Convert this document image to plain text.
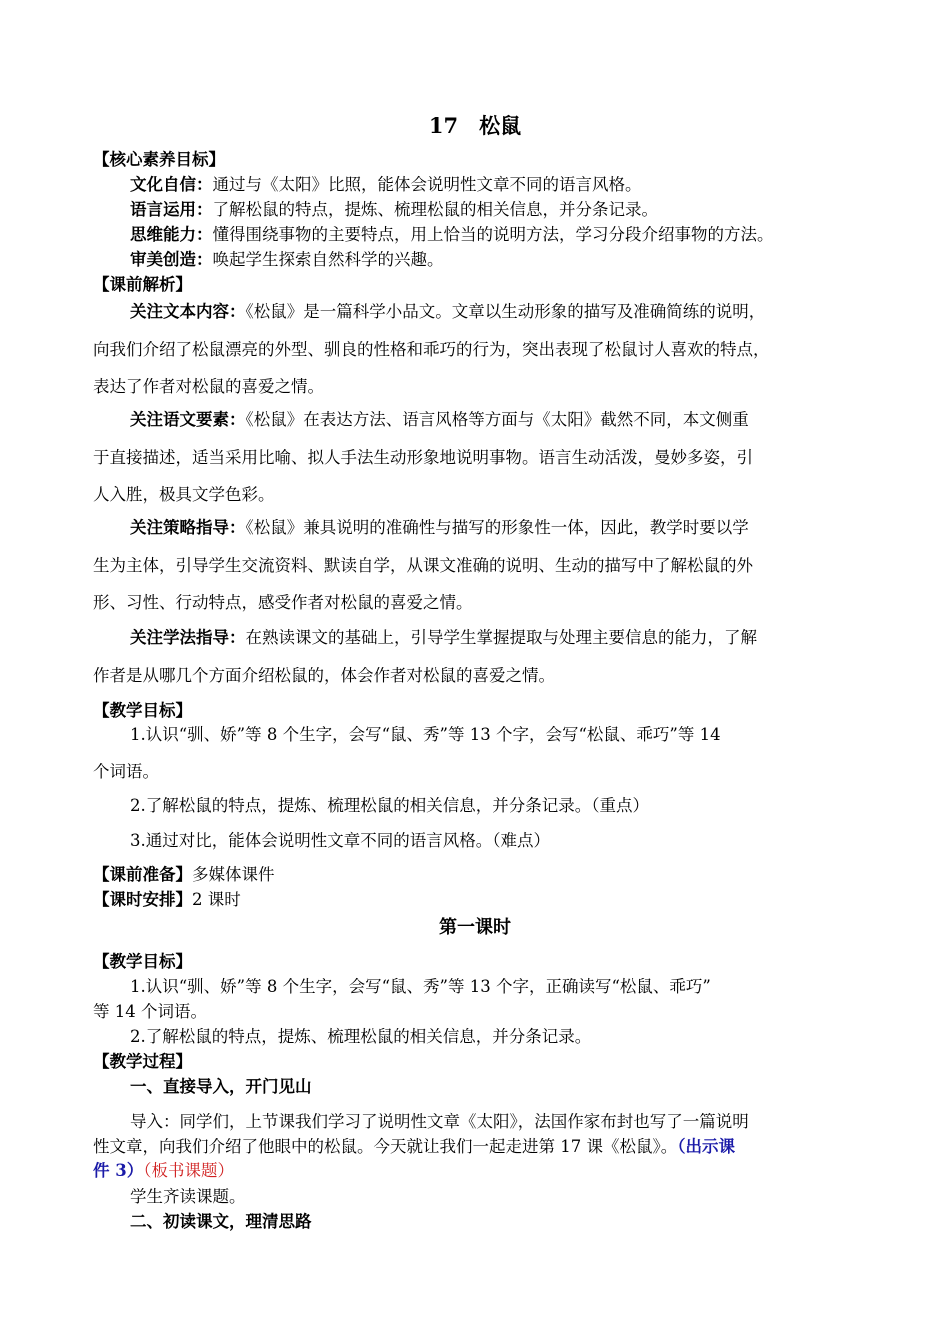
17　松鼠
【核心素养目标】
文化自信：通过与《太阳》比照，能体会说明性文章不同的语言风格。
语言运用：了解松鼠的特点，提炼、梳理松鼠的相关信息，并分条记录。
思维能力：懂得围绕事物的主要特点，用上恰当的说明方法，学习分段介绍事物的方法。
审美创造：唤起学生探索自然科学的兴趣。
【课前解析】
关注文本内容：《松鼠》是一篇科学小品文。文章以生动形象的描写及准确简练的说明，
向我们介绍了松鼠漂亮的外型、驯良的性格和乖巧的行为，突出表现了松鼠讨人喜欢的特点，
表达了作者对松鼠的喜爱之情。
关注语文要素：《松鼠》在表达方法、语言风格等方面与《太阳》截然不同，本文侧重
于直接描述，适当采用比喻、拟人手法生动形象地说明事物。语言生动活泼，曼妙多姿，引
人入胜，极具文学色彩。
关注策略指导：《松鼠》兼具说明的准确性与描写的形象性一体，因此，教学时要以学
生为主体，引导学生交流资料、默读自学，从课文准确的说明、生动的描写中了解松鼠的外
形、习性、行动特点，感受作者对松鼠的喜爱之情。
关注学法指导：在熟读课文的基础上，引导学生掌握提取与处理主要信息的能力，了解
作者是从哪几个方面介绍松鼠的，体会作者对松鼠的喜爱之情。
【教学目标】
1.认识“驯、娇”等 8 个生字，会写“鼠、秀”等 13 个字，会写“松鼠、乖巧”等 14
个词语。
2.了解松鼠的特点，提炼、梳理松鼠的相关信息，并分条记录。（重点）
3.通过对比，能体会说明性文章不同的语言风格。（难点）
【课前准备】多媒体课件
【课时安排】2 课时
第一课时
【教学目标】
1.认识“驯、娇”等 8 个生字，会写“鼠、秀”等 13 个字，正确读写“松鼠、乖巧”
等 14 个词语。
2.了解松鼠的特点，提炼、梳理松鼠的相关信息，并分条记录。
【教学过程】
一、直接导入，开门见山
导入：同学们，上节课我们学习了说明性文章《太阳》，法国作家布封也写了一篇说明
性文章，向我们介绍了他眼中的松鼠。今天就让我们一起走进第 17 课《松鼠》。（出示课
件 3）（板书课题）
学生齐读课题。
二、初读课文，理清思路
